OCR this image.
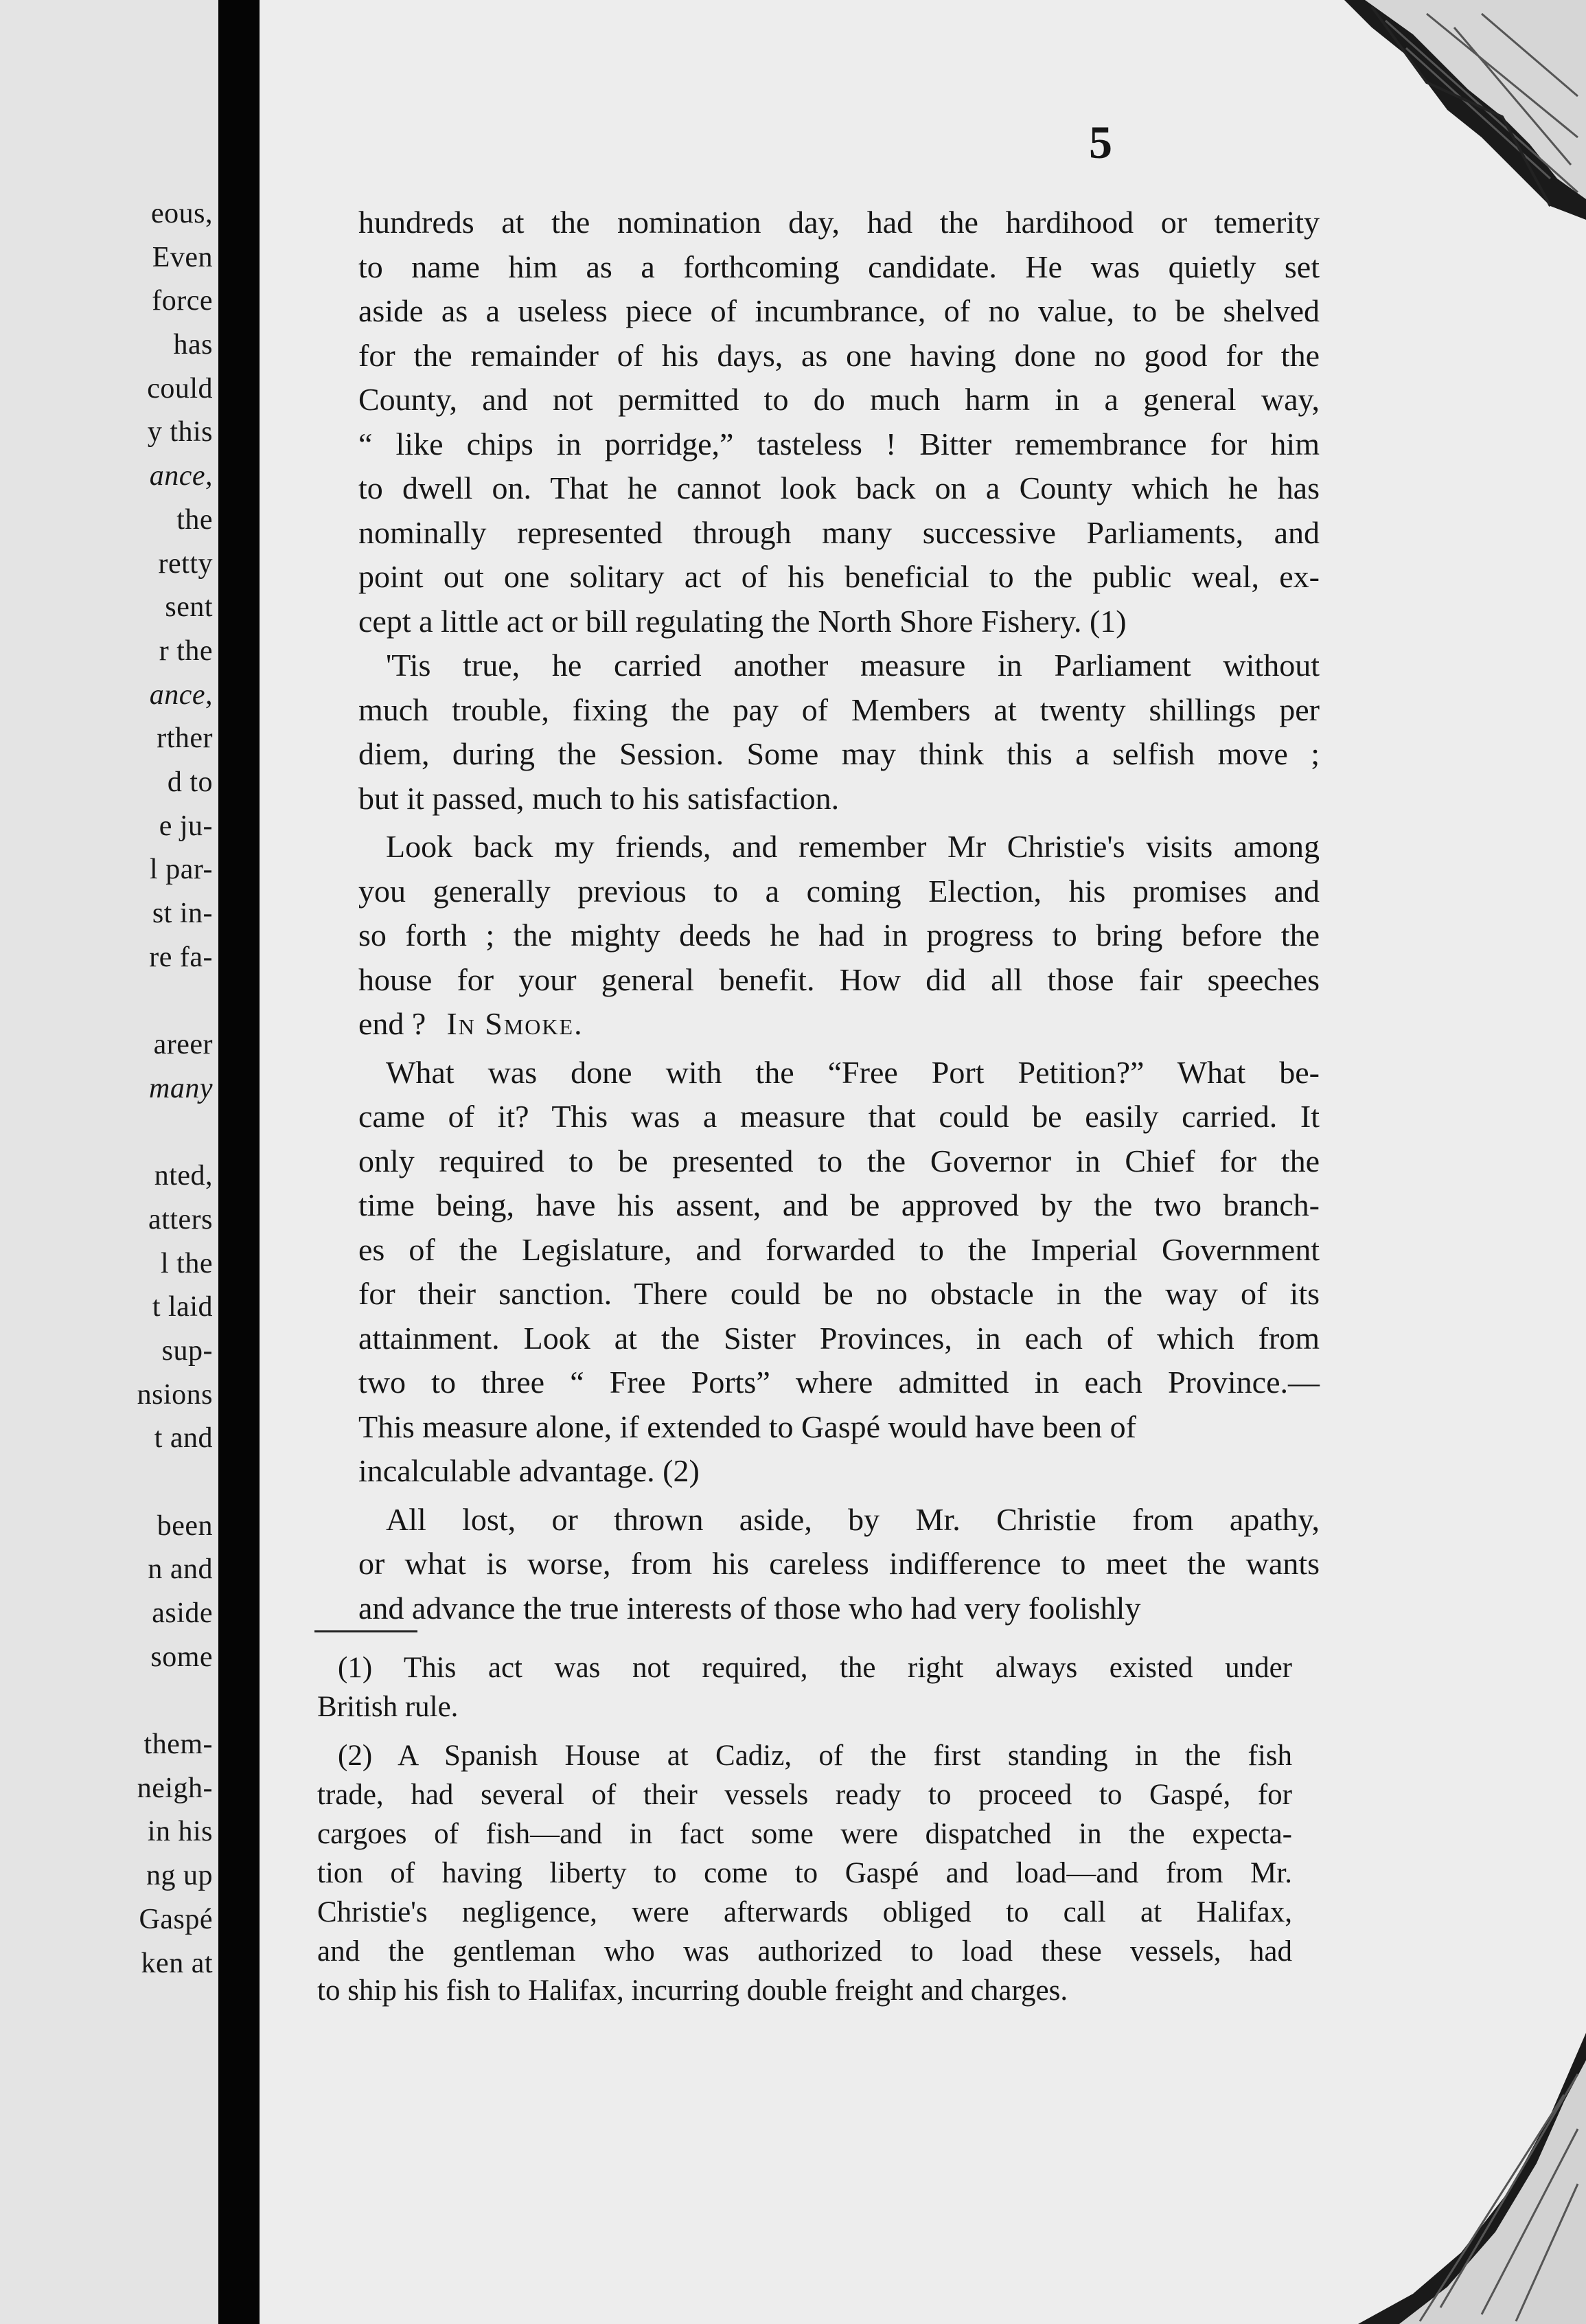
eous,
Even
force
has
could
y this
ance,
the
retty
sent
r the
ance,
rther
d to
e ju-
l par-
st in-
re fa-
areer
many
nted,
atters
l the
t laid
sup-
nsions
t and
been
n and
aside
some
them-
neigh-
in his
ng up
Gaspé
ken at
5
hundreds at the nomination day, had the hardihood or temerity
to name him as a forthcoming candidate. He was quietly set
aside as a useless piece of incumbrance, of no value, to be shelved
for the remainder of his days, as one having done no good for the
County, and not permitted to do much harm in a general way,
“ like chips in porridge,” tasteless ! Bitter remembrance for him
to dwell on. That he cannot look back on a County which he has
nominally represented through many successive Parliaments, and
point out one solitary act of his beneficial to the public weal, ex-
cept a little act or bill regulating the North Shore Fishery. (1)
'Tis true, he carried another measure in Parliament without
much trouble, fixing the pay of Members at twenty shillings per
diem, during the Session. Some may think this a selfish move ;
but it passed, much to his satisfaction.
Look back my friends, and remember Mr Christie's visits among
you generally previous to a coming Election, his promises and
so forth ; the mighty deeds he had in progress to bring before the
house for your general benefit. How did all those fair speeches
end ? In Smoke.
What was done with the “Free Port Petition?” What be-
came of it? This was a measure that could be easily carried. It
only required to be presented to the Governor in Chief for the
time being, have his assent, and be approved by the two branch-
es of the Legislature, and forwarded to the Imperial Government
for their sanction. There could be no obstacle in the way of its
attainment. Look at the Sister Provinces, in each of which from
two to three “ Free Ports” where admitted in each Province.—
This measure alone, if extended to Gaspé would have been of
incalculable advantage. (2)
All lost, or thrown aside, by Mr. Christie from apathy,
or what is worse, from his careless indifference to meet the wants
and advance the true interests of those who had very foolishly
(1) This act was not required, the right always existed under
British rule.
(2) A Spanish House at Cadiz, of the first standing in the fish
trade, had several of their vessels ready to proceed to Gaspé, for
cargoes of fish—and in fact some were dispatched in the expecta-
tion of having liberty to come to Gaspé and load—and from Mr.
Christie's negligence, were afterwards obliged to call at Halifax,
and the gentleman who was authorized to load these vessels, had
to ship his fish to Halifax, incurring double freight and charges.
